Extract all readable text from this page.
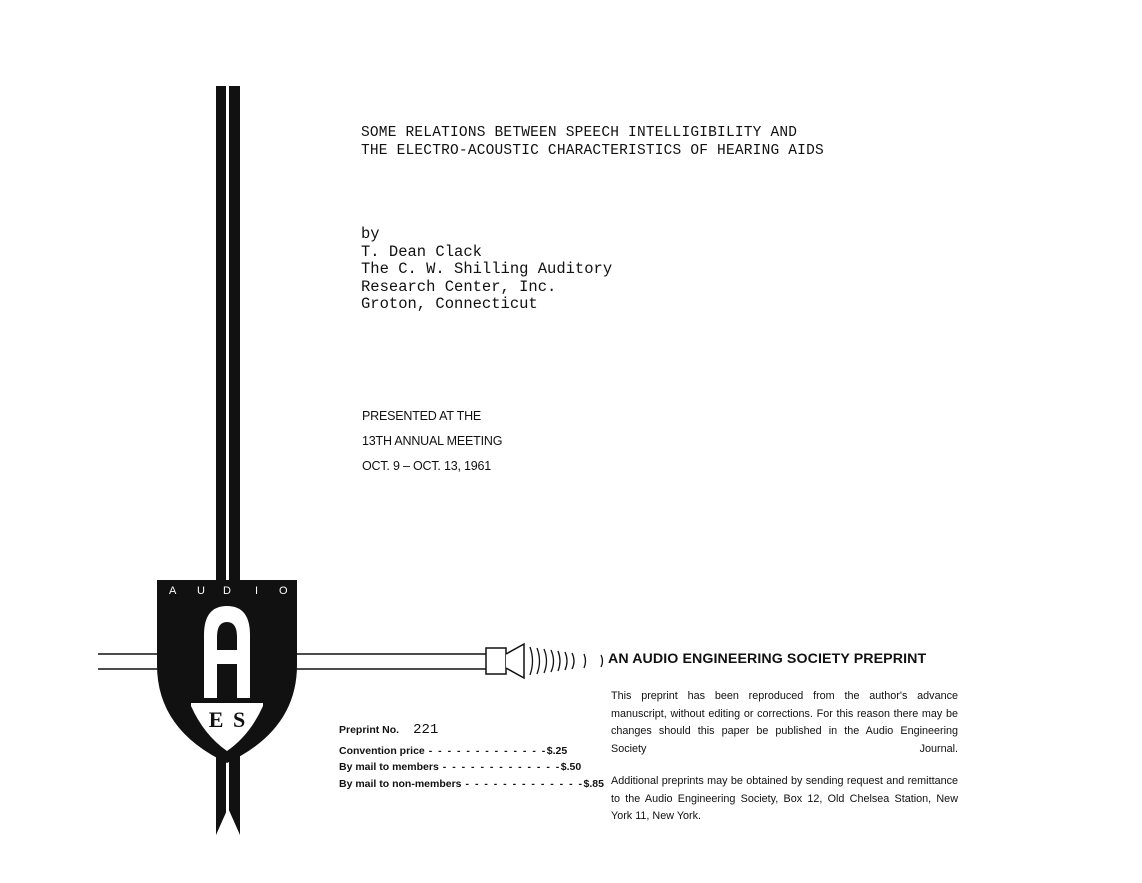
A U D I O
E S
SOME RELATIONS BETWEEN SPEECH INTELLIGIBILITY AND
THE ELECTRO-ACOUSTIC CHARACTERISTICS OF HEARING AIDS
by
T. Dean Clack
The C. W. Shilling Auditory
Research Center, Inc.
Groton, Connecticut
PRESENTED AT THE
13TH ANNUAL MEETING
OCT. 9 – OCT. 13, 1961
AN AUDIO ENGINEERING SOCIETY PREPRINT
This preprint has been reproduced from the author's advance manuscript, without editing or corrections. For this reason there may be changes should this paper be published in the Audio Engineering Society Journal.
Additional preprints may be obtained by sending request and remittance to the Audio Engineering Society, Box 12, Old Chelsea Station, New York 11, New York.
Preprint No. 221
Convention price - - - - - - - - - - - - - $.25
By mail to members - - - - - - - - - - - - - $.50
By mail to non-members - - - - - - - - - - - - - $.85
